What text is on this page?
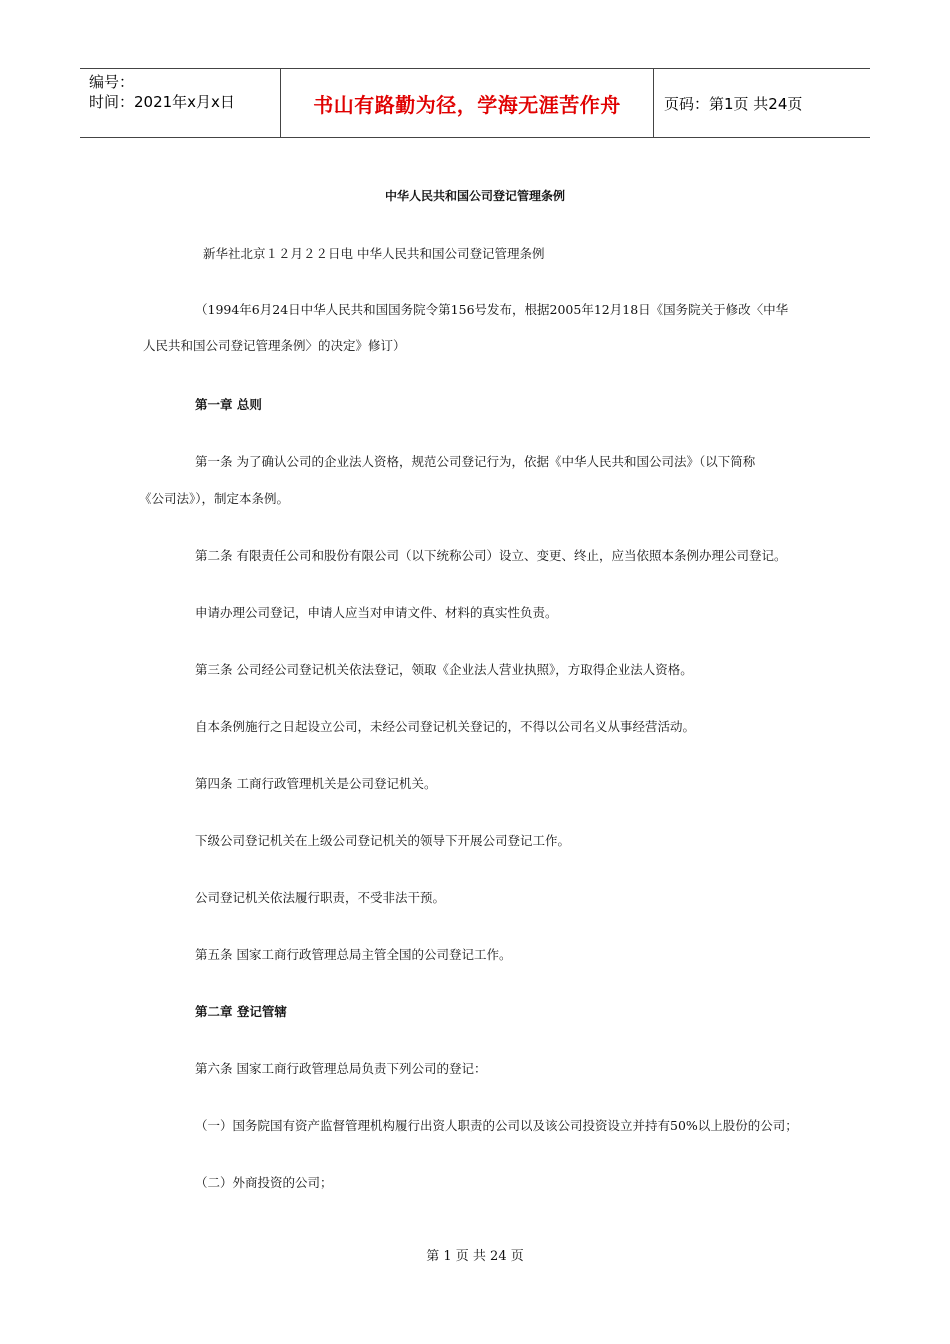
编号：
时间：2021年x月x日	书山有路勤为径，学海无涯苦作舟	页码：第1页 共24页
中华人民共和国公司登记管理条例
新华社北京１２月２２日电 中华人民共和国公司登记管理条例
（1994年6月24日中华人民共和国国务院令第156号发布，根据2005年12月18日《国务院关于修改〈中华
人民共和国公司登记管理条例〉的决定》修订）
第一章 总则
第一条 为了确认公司的企业法人资格，规范公司登记行为，依据《中华人民共和国公司法》（以下简称
《公司法》），制定本条例。
第二条 有限责任公司和股份有限公司（以下统称公司）设立、变更、终止，应当依照本条例办理公司登记。
申请办理公司登记，申请人应当对申请文件、材料的真实性负责。
第三条 公司经公司登记机关依法登记，领取《企业法人营业执照》，方取得企业法人资格。
自本条例施行之日起设立公司，未经公司登记机关登记的，不得以公司名义从事经营活动。
第四条 工商行政管理机关是公司登记机关。
下级公司登记机关在上级公司登记机关的领导下开展公司登记工作。
公司登记机关依法履行职责，不受非法干预。
第五条 国家工商行政管理总局主管全国的公司登记工作。
第二章 登记管辖
第六条 国家工商行政管理总局负责下列公司的登记：
（一）国务院国有资产监督管理机构履行出资人职责的公司以及该公司投资设立并持有50%以上股份的公司；
（二）外商投资的公司；
第 1 页 共 24 页
